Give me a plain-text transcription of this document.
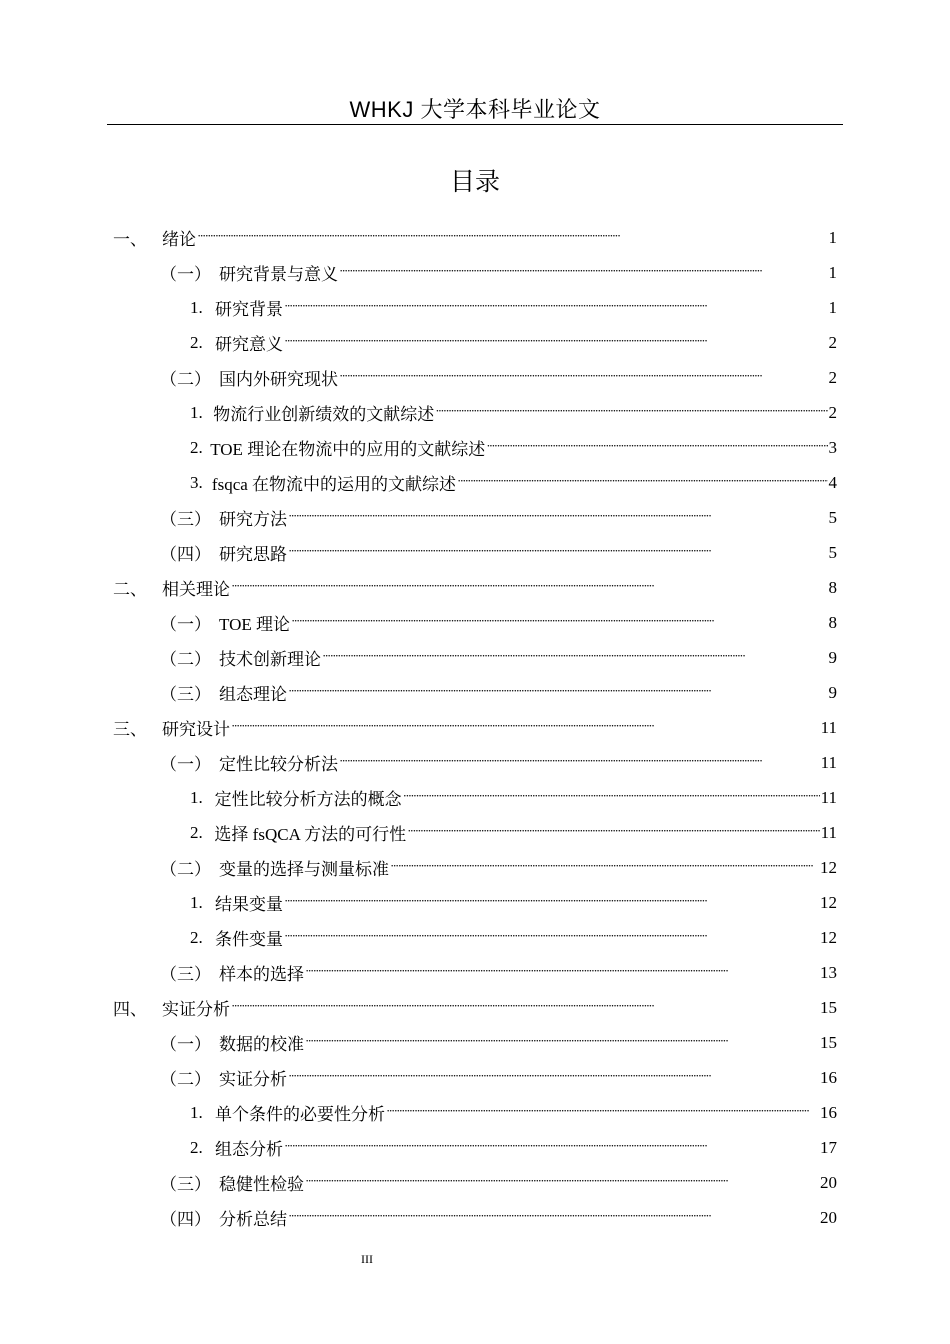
WHKJ 大学本科毕业论文
目录
一、 绪论 ·····	1
（一） 研究背景与意义 ·····	1
1. 研究背景 ·····	1
2. 研究意义 ·····	2
（二） 国内外研究现状 ·····	2
1. 物流行业创新绩效的文献综述 ·····	2
2. TOE 理论在物流中的应用的文献综述 ·····	3
3. fsqca 在物流中的运用的文献综述 ·····	4
（三） 研究方法 ·····	5
（四） 研究思路 ·····	5
二、 相关理论 ·····	8
（一） TOE 理论 ·····	8
（二） 技术创新理论 ·····	9
（三） 组态理论 ·····	9
三、 研究设计 ·····	11
（一） 定性比较分析法 ·····	11
1. 定性比较分析方法的概念 ·····	11
2. 选择 fsQCA 方法的可行性 ·····	11
（二） 变量的选择与测量标准 ·····	12
1. 结果变量 ·····	12
2. 条件变量 ·····	12
（三） 样本的选择 ·····	13
四、 实证分析 ·····	15
（一） 数据的校准 ·····	15
（二） 实证分析 ·····	16
1. 单个条件的必要性分析 ·····	16
2. 组态分析 ·····	17
（三） 稳健性检验 ·····	20
（四） 分析总结 ·····	20
III
